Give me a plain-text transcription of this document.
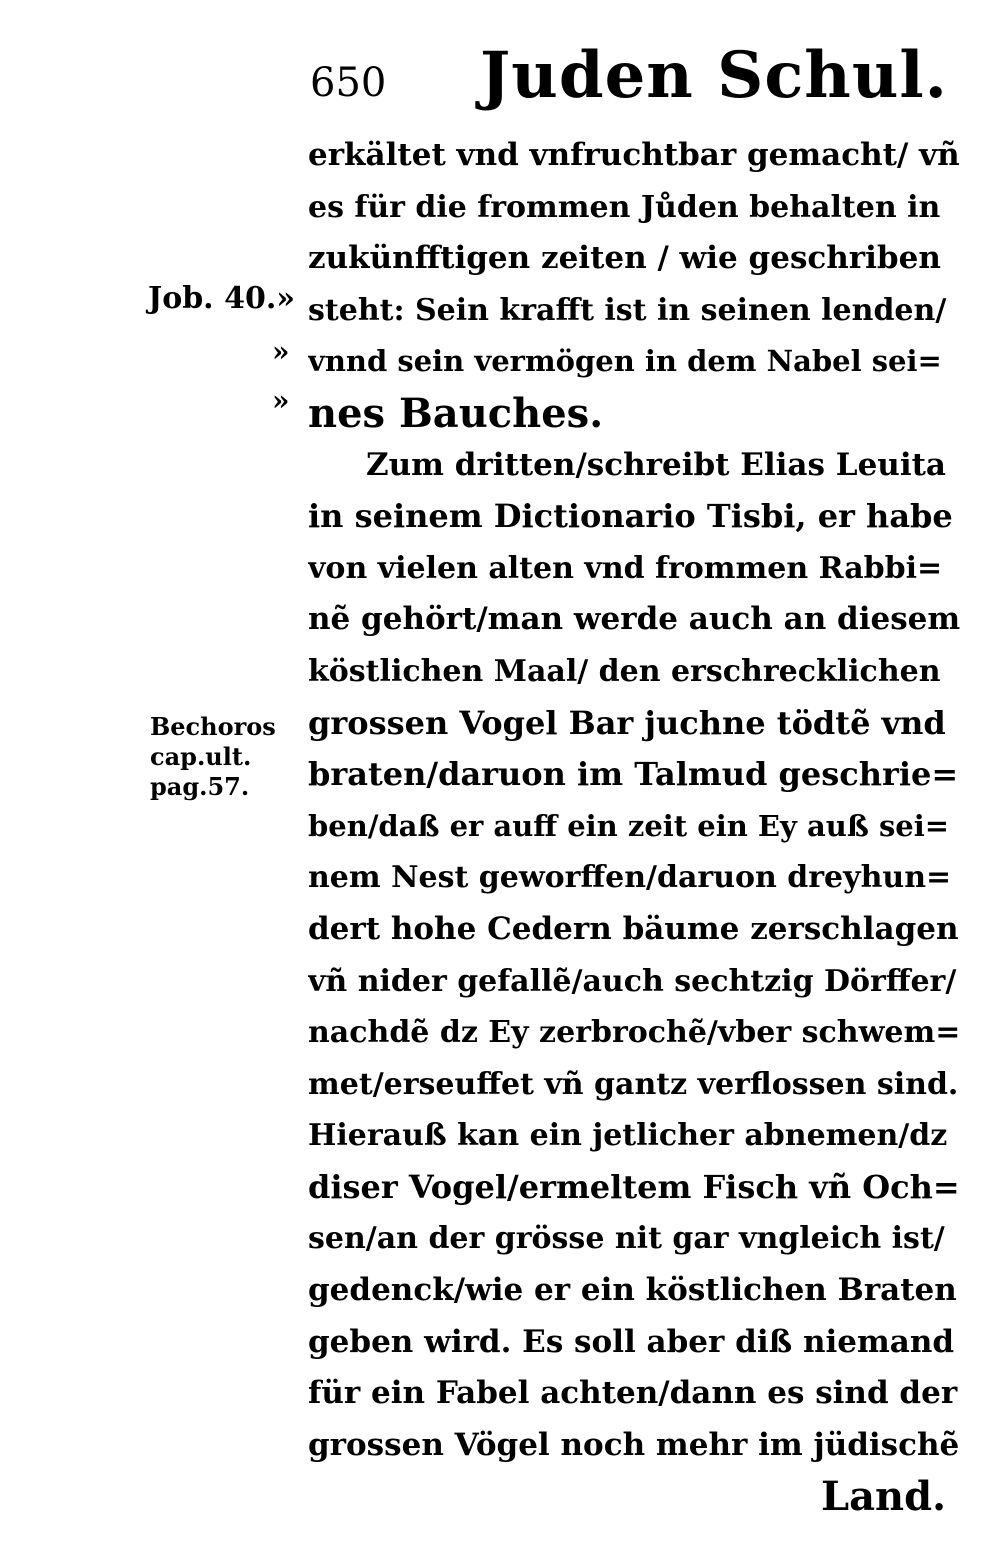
650 Juden Schul.
Job. 40.»
»
»
Bechoros
cap.ult.
pag.57.
erkältet vnd vnfruchtbar gemacht/ vñ
es für die frommen Jůden behalten in
zukünfftigen zeiten / wie geschriben
steht: Sein krafft ist in seinen lenden/
vnnd sein vermögen in dem Nabel sei=
nes Bauches.
Zum dritten/schreibt Elias Leuita
in seinem Dictionario Tisbi, er habe
von vielen alten vnd frommen Rabbi=
nẽ gehört/man werde auch an diesem
köstlichen Maal/ den erschrecklichen
grossen Vogel Bar juchne tödtẽ vnd
braten/daruon im Talmud geschrie=
ben/daß er auff ein zeit ein Ey auß sei=
nem Nest geworffen/daruon dreyhun=
dert hohe Cedern bäume zerschlagen
vñ nider gefallẽ/auch sechtzig Dörffer/
nachdẽ dz Ey zerbrochẽ/vber schwem=
met/erseuffet vñ gantz verflossen sind.
Hierauß kan ein jetlicher abnemen/dz
diser Vogel/ermeltem Fisch vñ Och=
sen/an der grösse nit gar vngleich ist/
gedenck/wie er ein köstlichen Braten
geben wird. Es soll aber diß niemand
für ein Fabel achten/dann es sind der
grossen Vögel noch mehr im jüdischẽ
Land.
